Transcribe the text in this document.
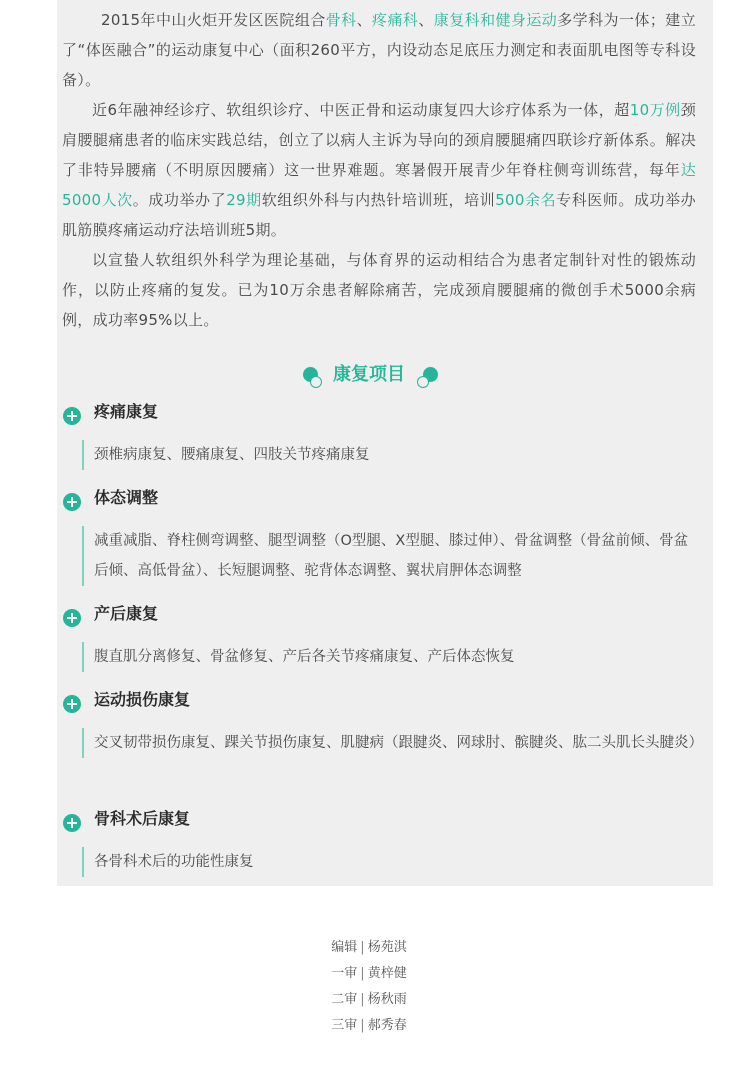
2015年中山火炬开发区医院组合骨科、疼痛科、康复科和健身运动多学科为一体；建立了“体医融合”的运动康复中心（面积260平方，内设动态足底压力测定和表面肌电图等专科设备）。

近6年融神经诊疗、软组织诊疗、中医正骨和运动康复四大诊疗体系为一体，超10万例颈肩腰腿痛患者的临床实践总结，创立了以病人主诉为导向的颈肩腰腿痛四联诊疗新体系。解决了非特异腰痛（不明原因腰痛）这一世界难题。寒暑假开展青少年脊柱侧弯训练营，每年达5000人次。成功举办了29期软组织外科与内热针培训班，培训500余名专科医师。成功举办肌筋膜疼痛运动疗法培训班5期。

以宣蛰人软组织外科学为理论基础，与体育界的运动相结合为患者定制针对性的锻炼动作，以防止疼痛的复发。已为10万余患者解除痛苦，完成颈肩腰腿痛的微创手术5000余病例，成功率95%以上。

康复项目
疼痛康复
颈椎病康复、腰痛康复、四肢关节疼痛康复
体态调整
减重减脂、脊柱侧弯调整、腿型调整（O型腿、X型腿、膝过伸）、骨盆调整（骨盆前倾、骨盆后倾、高低骨盆）、长短腿调整、驼背体态调整、翼状肩胛体态调整
产后康复
腹直肌分离修复、骨盆修复、产后各关节疼痛康复、产后体态恢复
运动损伤康复
交叉韧带损伤康复、踝关节损伤康复、肌腱病（跟腱炎、网球肘、髌腱炎、肱二头肌长头腱炎）
骨科术后康复
各骨科术后的功能性康复
编辑 | 杨苑淇
一审 | 黄梓健
二审 | 杨秋雨
三审 | 郝秀春
